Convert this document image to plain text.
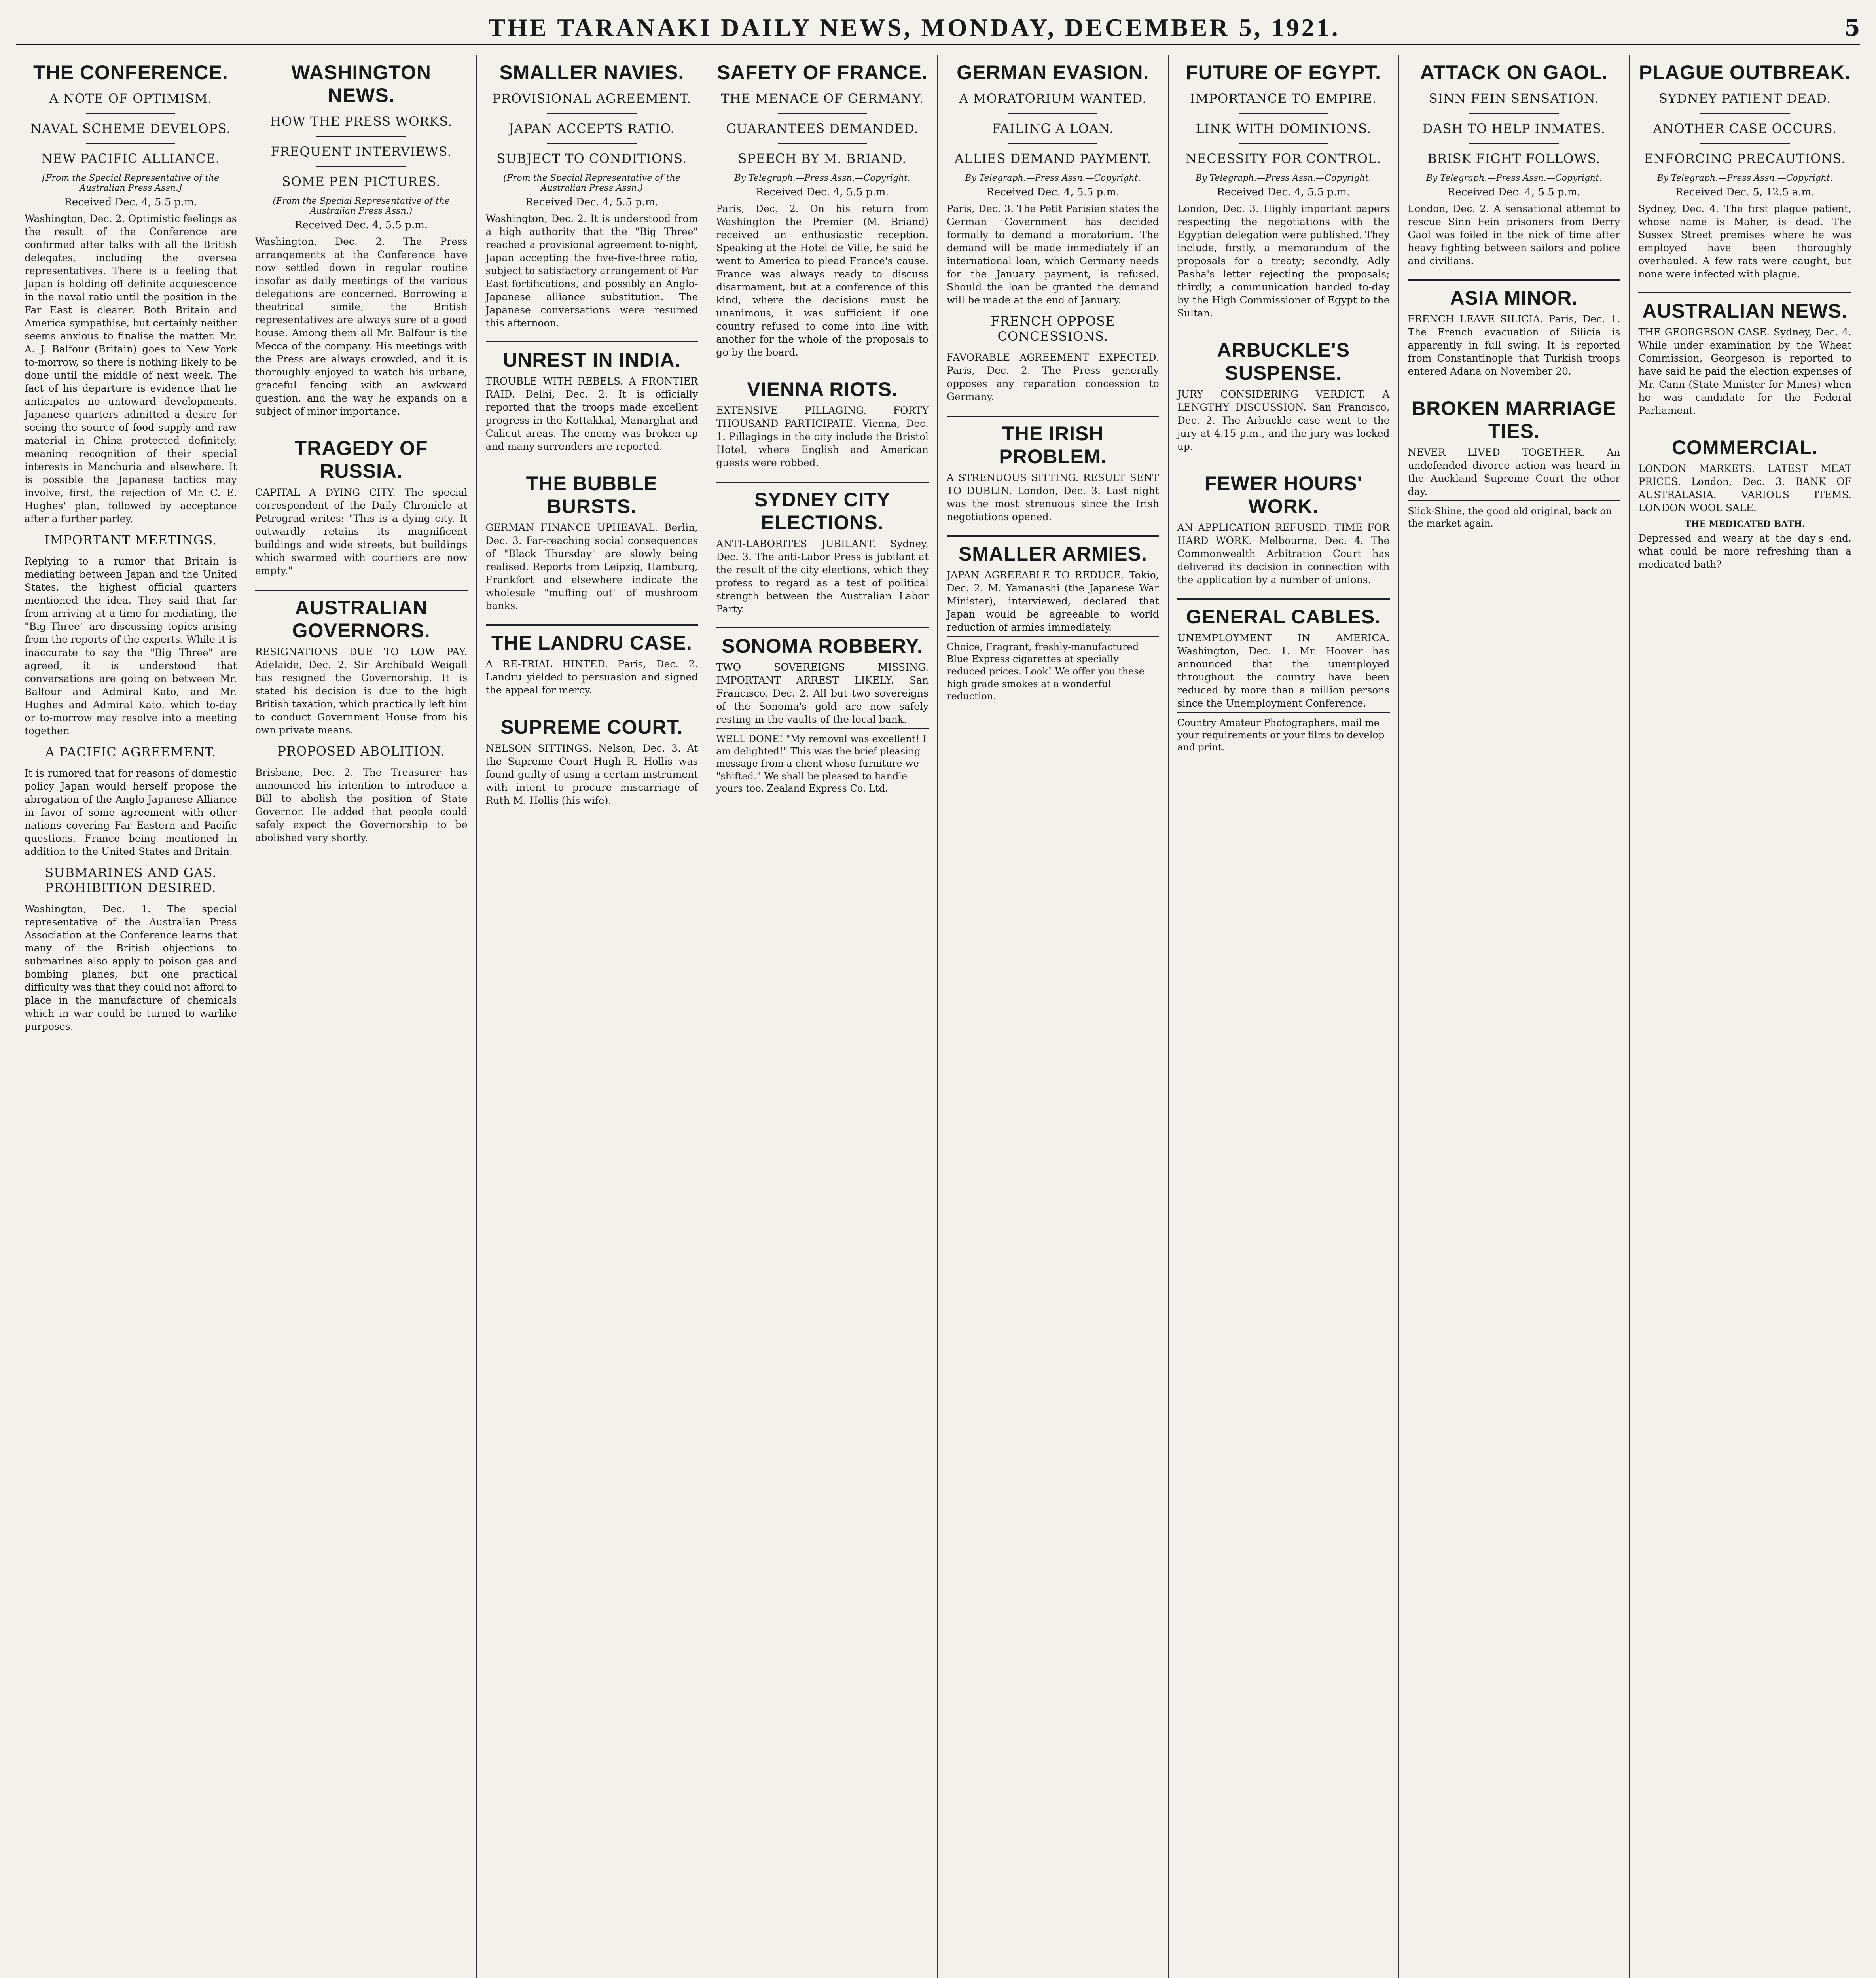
THE TARANAKI DAILY NEWS, MONDAY, DECEMBER 5, 1921.	5
THE CONFERENCE.
A NOTE OF OPTIMISM.
NAVAL SCHEME DEVELOPS.
NEW PACIFIC ALLIANCE.
[From the Special Representative of the Australian Press Assn.]
Received Dec. 4, 5.5 p.m.
Washington, Dec. 2. Optimistic feelings as the result of the Conference are confirmed after talks with all the British delegates, including the oversea representatives. There is a feeling that Japan is holding off definite acquiescence in the naval ratio until the position in the Far East is clearer. Both Britain and America sympathise, but certainly neither seems anxious to finalise the matter. Mr. A. J. Balfour (Britain) goes to New York to-morrow, so there is nothing likely to be done until the middle of next week. The fact of his departure is evidence that he anticipates no untoward developments. Japanese quarters admitted a desire for seeing the source of food supply and raw material in China protected definitely, meaning recognition of their special interests in Manchuria and elsewhere. It is possible the Japanese tactics may involve, first, the rejection of Mr. C. E. Hughes' plan, followed by acceptance after a further parley.
IMPORTANT MEETINGS.
Replying to a rumor that Britain is mediating between Japan and the United States, the highest official quarters mentioned the idea. They said that far from arriving at a time for mediating, the "Big Three" are discussing topics arising from the reports of the experts. While it is inaccurate to say the "Big Three" are agreed, it is understood that conversations are going on between Mr. Balfour and Admiral Kato, and Mr. Hughes and Admiral Kato, which to-day or to-morrow may resolve into a meeting together.
A PACIFIC AGREEMENT.
It is rumored that for reasons of domestic policy Japan would herself propose the abrogation of the Anglo-Japanese Alliance in favor of some agreement with other nations covering Far Eastern and Pacific questions. France being mentioned in addition to the United States and Britain.
SUBMARINES AND GAS. PROHIBITION DESIRED.
Washington, Dec. 1. The special representative of the Australian Press Association at the Conference learns that many of the British objections to submarines also apply to poison gas and bombing planes, but one practical difficulty was that they could not afford to place in the manufacture of chemicals which in war could be turned to warlike purposes.
WASHINGTON NEWS.
HOW THE PRESS WORKS.
FREQUENT INTERVIEWS.
SOME PEN PICTURES.
(From the Special Representative of the Australian Press Assn.)
Received Dec. 4, 5.5 p.m.
Washington, Dec. 2. The Press arrangements at the Conference have now settled down in regular routine insofar as daily meetings of the various delegations are concerned. Borrowing a theatrical simile, the British representatives are always sure of a good house. Among them all Mr. Balfour is the Mecca of the company. His meetings with the Press are always crowded, and it is thoroughly enjoyed to watch his urbane, graceful fencing with an awkward question, and the way he expands on a subject of minor importance.
TRAGEDY OF RUSSIA.
CAPITAL A DYING CITY. The special correspondent of the Daily Chronicle at Petrograd writes: "This is a dying city. It outwardly retains its magnificent buildings and wide streets, but buildings which swarmed with courtiers are now empty."
AUSTRALIAN GOVERNORS.
RESIGNATIONS DUE TO LOW PAY. Adelaide, Dec. 2. Sir Archibald Weigall has resigned the Governorship. It is stated his decision is due to the high British taxation, which practically left him to conduct Government House from his own private means.
PROPOSED ABOLITION.
Brisbane, Dec. 2. The Treasurer has announced his intention to introduce a Bill to abolish the position of State Governor. He added that people could safely expect the Governorship to be abolished very shortly.
SMALLER NAVIES.
PROVISIONAL AGREEMENT.
JAPAN ACCEPTS RATIO.
SUBJECT TO CONDITIONS.
(From the Special Representative of the Australian Press Assn.)
Received Dec. 4, 5.5 p.m.
Washington, Dec. 2. It is understood from a high authority that the "Big Three" reached a provisional agreement to-night, Japan accepting the five-five-three ratio, subject to satisfactory arrangement of Far East fortifications, and possibly an Anglo-Japanese alliance substitution. The Japanese conversations were resumed this afternoon.
UNREST IN INDIA.
TROUBLE WITH REBELS. A FRONTIER RAID. Delhi, Dec. 2. It is officially reported that the troops made excellent progress in the Kottakkal, Manarghat and Calicut areas. The enemy was broken up and many surrenders are reported.
THE BUBBLE BURSTS.
GERMAN FINANCE UPHEAVAL. Berlin, Dec. 3. Far-reaching social consequences of "Black Thursday" are slowly being realised. Reports from Leipzig, Hamburg, Frankfort and elsewhere indicate the wholesale "muffing out" of mushroom banks.
THE LANDRU CASE.
A RE-TRIAL HINTED. Paris, Dec. 2. Landru yielded to persuasion and signed the appeal for mercy.
SUPREME COURT.
NELSON SITTINGS. Nelson, Dec. 3. At the Supreme Court Hugh R. Hollis was found guilty of using a certain instrument with intent to procure miscarriage of Ruth M. Hollis (his wife).
SAFETY OF FRANCE.
THE MENACE OF GERMANY.
GUARANTEES DEMANDED.
SPEECH BY M. BRIAND.
By Telegraph.—Press Assn.—Copyright.
Received Dec. 4, 5.5 p.m.
Paris, Dec. 2. On his return from Washington the Premier (M. Briand) received an enthusiastic reception. Speaking at the Hotel de Ville, he said he went to America to plead France's cause. France was always ready to discuss disarmament, but at a conference of this kind, where the decisions must be unanimous, it was sufficient if one country refused to come into line with another for the whole of the proposals to go by the board.
VIENNA RIOTS.
EXTENSIVE PILLAGING. FORTY THOUSAND PARTICIPATE. Vienna, Dec. 1. Pillagings in the city include the Bristol Hotel, where English and American guests were robbed.
SYDNEY CITY ELECTIONS.
ANTI-LABORITES JUBILANT. Sydney, Dec. 3. The anti-Labor Press is jubilant at the result of the city elections, which they profess to regard as a test of political strength between the Australian Labor Party.
SONOMA ROBBERY.
TWO SOVEREIGNS MISSING. IMPORTANT ARREST LIKELY. San Francisco, Dec. 2. All but two sovereigns of the Sonoma's gold are now safely resting in the vaults of the local bank.
WELL DONE! "My removal was excellent! I am delighted!" This was the brief pleasing message from a client whose furniture we "shifted." We shall be pleased to handle yours too. Zealand Express Co. Ltd.
GERMAN EVASION.
A MORATORIUM WANTED.
FAILING A LOAN.
ALLIES DEMAND PAYMENT.
By Telegraph.—Press Assn.—Copyright.
Received Dec. 4, 5.5 p.m.
Paris, Dec. 3. The Petit Parisien states the German Government has decided formally to demand a moratorium. The demand will be made immediately if an international loan, which Germany needs for the January payment, is refused. Should the loan be granted the demand will be made at the end of January.
FRENCH OPPOSE CONCESSIONS.
FAVORABLE AGREEMENT EXPECTED. Paris, Dec. 2. The Press generally opposes any reparation concession to Germany.
THE IRISH PROBLEM.
A STRENUOUS SITTING. RESULT SENT TO DUBLIN. London, Dec. 3. Last night was the most strenuous since the Irish negotiations opened.
SMALLER ARMIES.
JAPAN AGREEABLE TO REDUCE. Tokio, Dec. 2. M. Yamanashi (the Japanese War Minister), interviewed, declared that Japan would be agreeable to world reduction of armies immediately.
Choice, Fragrant, freshly-manufactured Blue Express cigarettes at specially reduced prices. Look! We offer you these high grade smokes at a wonderful reduction.
FUTURE OF EGYPT.
IMPORTANCE TO EMPIRE.
LINK WITH DOMINIONS.
NECESSITY FOR CONTROL.
By Telegraph.—Press Assn.—Copyright.
Received Dec. 4, 5.5 p.m.
London, Dec. 3. Highly important papers respecting the negotiations with the Egyptian delegation were published. They include, firstly, a memorandum of the proposals for a treaty; secondly, Adly Pasha's letter rejecting the proposals; thirdly, a communication handed to-day by the High Commissioner of Egypt to the Sultan.
ARBUCKLE'S SUSPENSE.
JURY CONSIDERING VERDICT. A LENGTHY DISCUSSION. San Francisco, Dec. 2. The Arbuckle case went to the jury at 4.15 p.m., and the jury was locked up.
FEWER HOURS' WORK.
AN APPLICATION REFUSED. TIME FOR HARD WORK. Melbourne, Dec. 4. The Commonwealth Arbitration Court has delivered its decision in connection with the application by a number of unions.
GENERAL CABLES.
UNEMPLOYMENT IN AMERICA. Washington, Dec. 1. Mr. Hoover has announced that the unemployed throughout the country have been reduced by more than a million persons since the Unemployment Conference.
Country Amateur Photographers, mail me your requirements or your films to develop and print.
ATTACK ON GAOL.
SINN FEIN SENSATION.
DASH TO HELP INMATES.
BRISK FIGHT FOLLOWS.
By Telegraph.—Press Assn.—Copyright.
Received Dec. 4, 5.5 p.m.
London, Dec. 2. A sensational attempt to rescue Sinn Fein prisoners from Derry Gaol was foiled in the nick of time after heavy fighting between sailors and police and civilians.
ASIA MINOR.
FRENCH LEAVE SILICIA. Paris, Dec. 1. The French evacuation of Silicia is apparently in full swing. It is reported from Constantinople that Turkish troops entered Adana on November 20.
BROKEN MARRIAGE TIES.
NEVER LIVED TOGETHER. An undefended divorce action was heard in the Auckland Supreme Court the other day.
Slick-Shine, the good old original, back on the market again.
PLAGUE OUTBREAK.
SYDNEY PATIENT DEAD.
ANOTHER CASE OCCURS.
ENFORCING PRECAUTIONS.
By Telegraph.—Press Assn.—Copyright.
Received Dec. 5, 12.5 a.m.
Sydney, Dec. 4. The first plague patient, whose name is Maher, is dead. The Sussex Street premises where he was employed have been thoroughly overhauled. A few rats were caught, but none were infected with plague.
AUSTRALIAN NEWS.
THE GEORGESON CASE. Sydney, Dec. 4. While under examination by the Wheat Commission, Georgeson is reported to have said he paid the election expenses of Mr. Cann (State Minister for Mines) when he was candidate for the Federal Parliament.
COMMERCIAL.
LONDON MARKETS. LATEST MEAT PRICES. London, Dec. 3. BANK OF AUSTRALASIA. VARIOUS ITEMS. LONDON WOOL SALE.
THE MEDICATED BATH.
Depressed and weary at the day's end, what could be more refreshing than a medicated bath?
